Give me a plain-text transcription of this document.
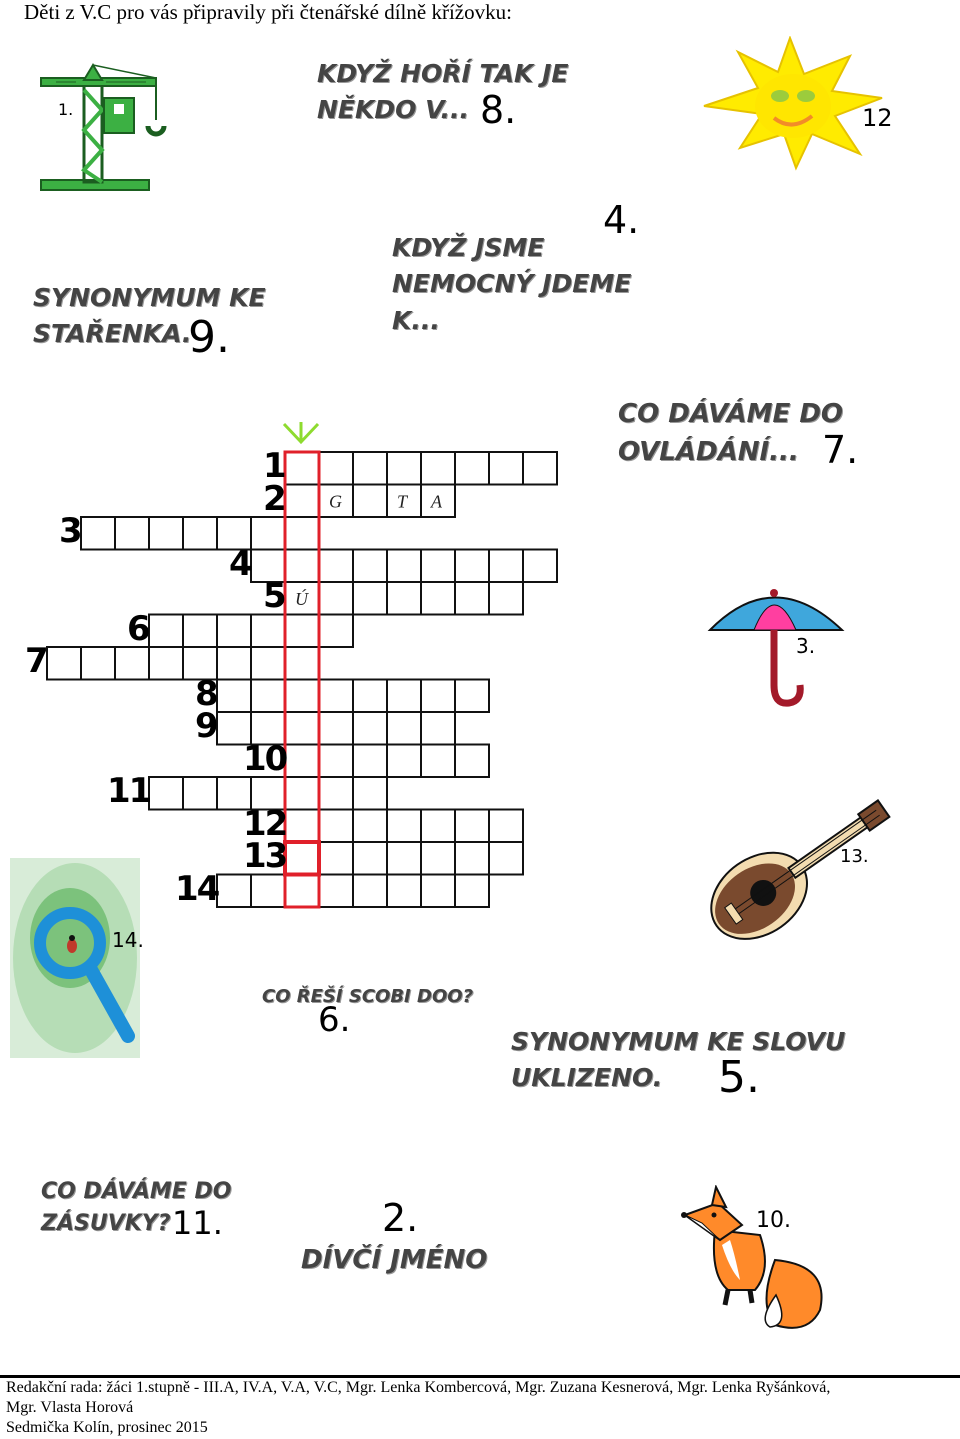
Děti z V.C pro vás připravily při čtenářské dílně křížovku:
KDYŽ HOŘÍ TAK JE
NĚKDO V... 8.
KDYŽ JSME
NEMOCNÝ JDEME
K...
4.
SYNONYMUM KE
STAŘENKA.
9.
CO DÁVÁME DO
OVLÁDÁNÍ... 7.
CO ŘEŠÍ SCOBI DOO?
6.
SYNONYMUM KE SLOVU
UKLIZENO.	5.
CO DÁVÁME DO
ZÁSUVKY? 11.	2.
DÍVČÍ JMÉNO
1.	12
3.
13.
14.
10.
G	T A
Ú
1
2
3
4
5
6
7
8
9
10
11
12
13
14
Redakční rada: žáci 1.stupně - III.A, IV.A, V.A, V.C, Mgr. Lenka Kombercová, Mgr. Zuzana Kesnerová, Mgr. Lenka Ryšánková,
Mgr. Vlasta Horová
Sedmička Kolín, prosinec 2015
